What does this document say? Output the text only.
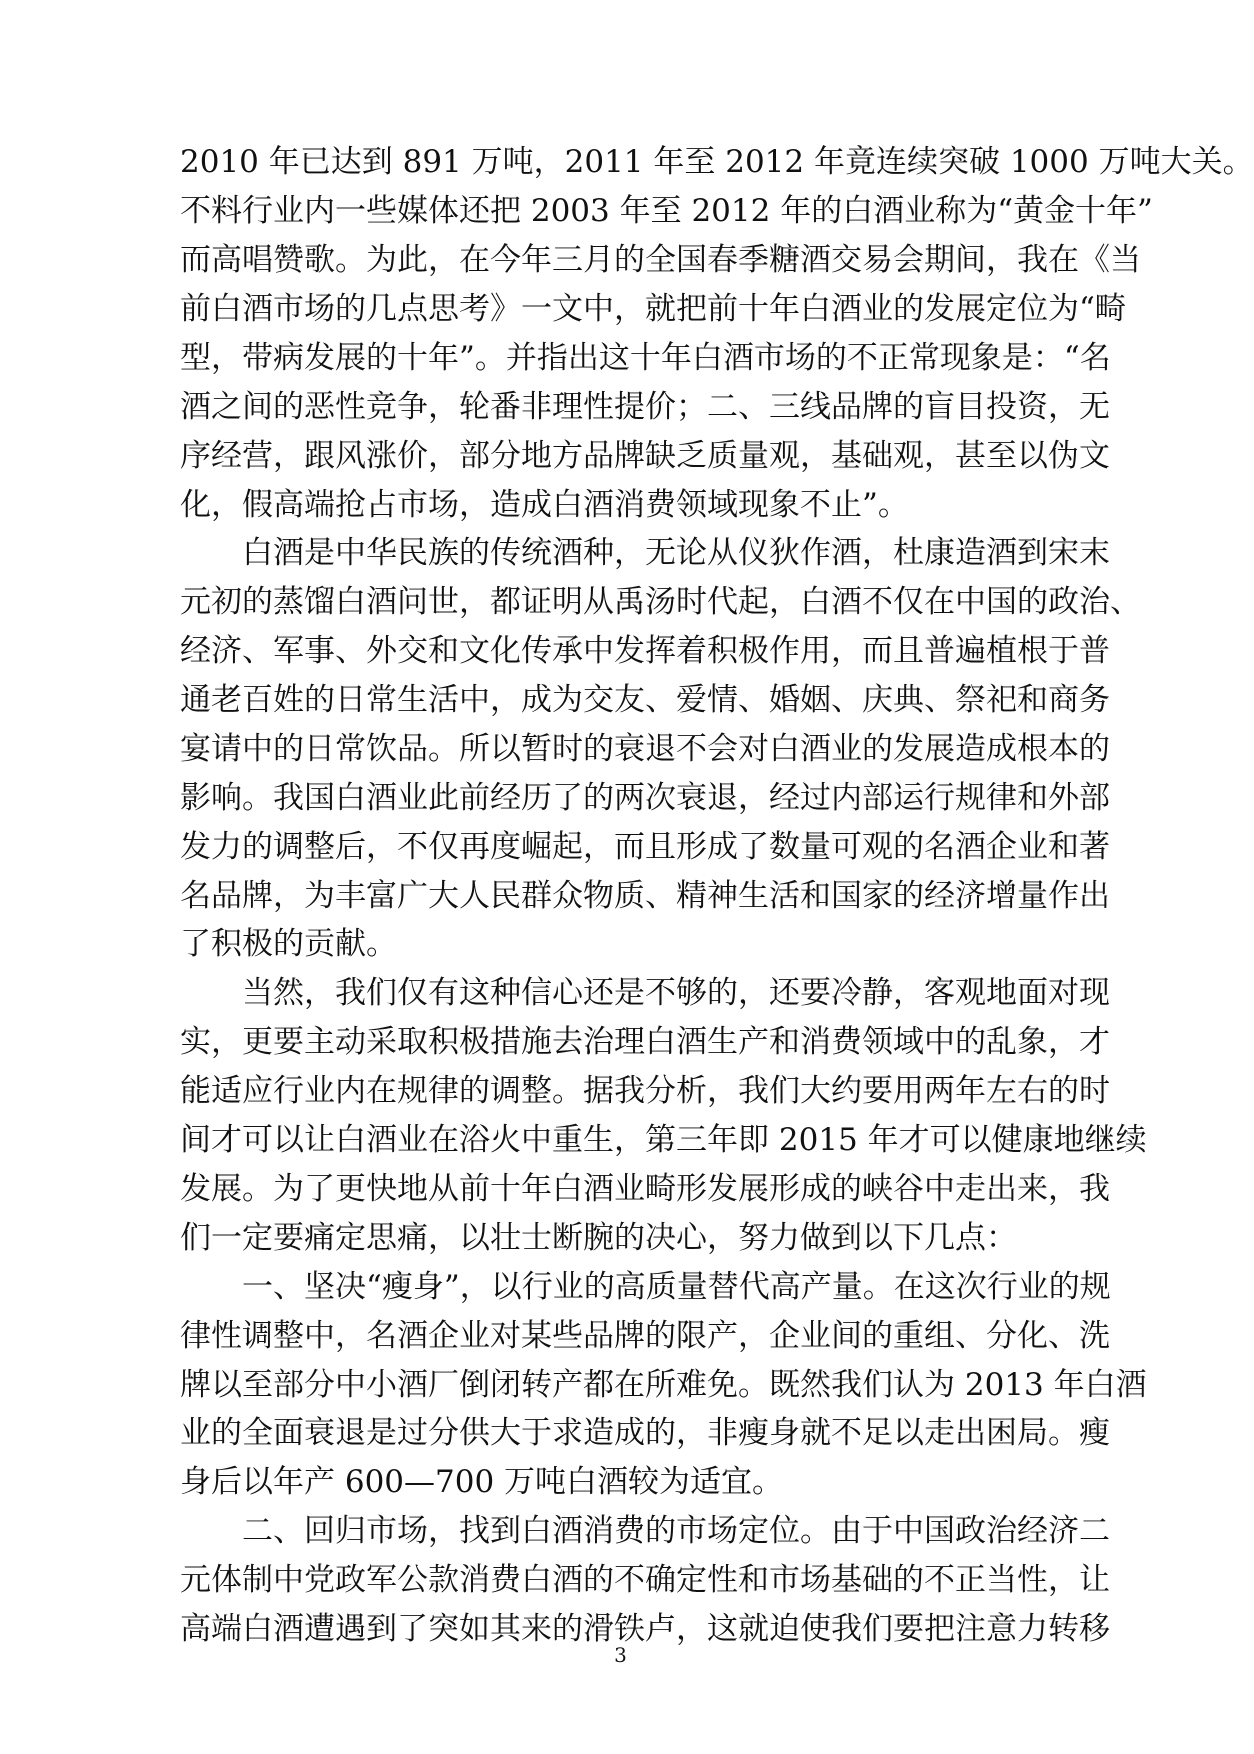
2010 年已达到 891 万吨，2011 年至 2012 年竟连续突破 1000 万吨大关。

不料行业内一些媒体还把 2003 年至 2012 年的白酒业称为“黄金十年”

而高唱赞歌。为此，在今年三月的全国春季糖酒交易会期间，我在《当

前白酒市场的几点思考》一文中，就把前十年白酒业的发展定位为“畸

型，带病发展的十年”。并指出这十年白酒市场的不正常现象是：“名

酒之间的恶性竞争，轮番非理性提价；二、三线品牌的盲目投资，无

序经营，跟风涨价，部分地方品牌缺乏质量观，基础观，甚至以伪文

化，假高端抢占市场，造成白酒消费领域现象不止”。

白酒是中华民族的传统酒种，无论从仪狄作酒，杜康造酒到宋末

元初的蒸馏白酒问世，都证明从禹汤时代起，白酒不仅在中国的政治、

经济、军事、外交和文化传承中发挥着积极作用，而且普遍植根于普

通老百姓的日常生活中，成为交友、爱情、婚姻、庆典、祭祀和商务

宴请中的日常饮品。所以暂时的衰退不会对白酒业的发展造成根本的

影响。我国白酒业此前经历了的两次衰退，经过内部运行规律和外部

发力的调整后，不仅再度崛起，而且形成了数量可观的名酒企业和著

名品牌，为丰富广大人民群众物质、精神生活和国家的经济增量作出

了积极的贡献。

当然，我们仅有这种信心还是不够的，还要冷静，客观地面对现

实，更要主动采取积极措施去治理白酒生产和消费领域中的乱象，才

能适应行业内在规律的调整。据我分析，我们大约要用两年左右的时

间才可以让白酒业在浴火中重生，第三年即 2015 年才可以健康地继续

发展。为了更快地从前十年白酒业畸形发展形成的峡谷中走出来，我

们一定要痛定思痛，以壮士断腕的决心，努力做到以下几点：

一、坚决“瘦身”，以行业的高质量替代高产量。在这次行业的规

律性调整中，名酒企业对某些品牌的限产，企业间的重组、分化、洗

牌以至部分中小酒厂倒闭转产都在所难免。既然我们认为 2013 年白酒

业的全面衰退是过分供大于求造成的，非瘦身就不足以走出困局。瘦

身后以年产 600—700 万吨白酒较为适宜。

二、回归市场，找到白酒消费的市场定位。由于中国政治经济二

元体制中党政军公款消费白酒的不确定性和市场基础的不正当性，让

高端白酒遭遇到了突如其来的滑铁卢，这就迫使我们要把注意力转移

3
